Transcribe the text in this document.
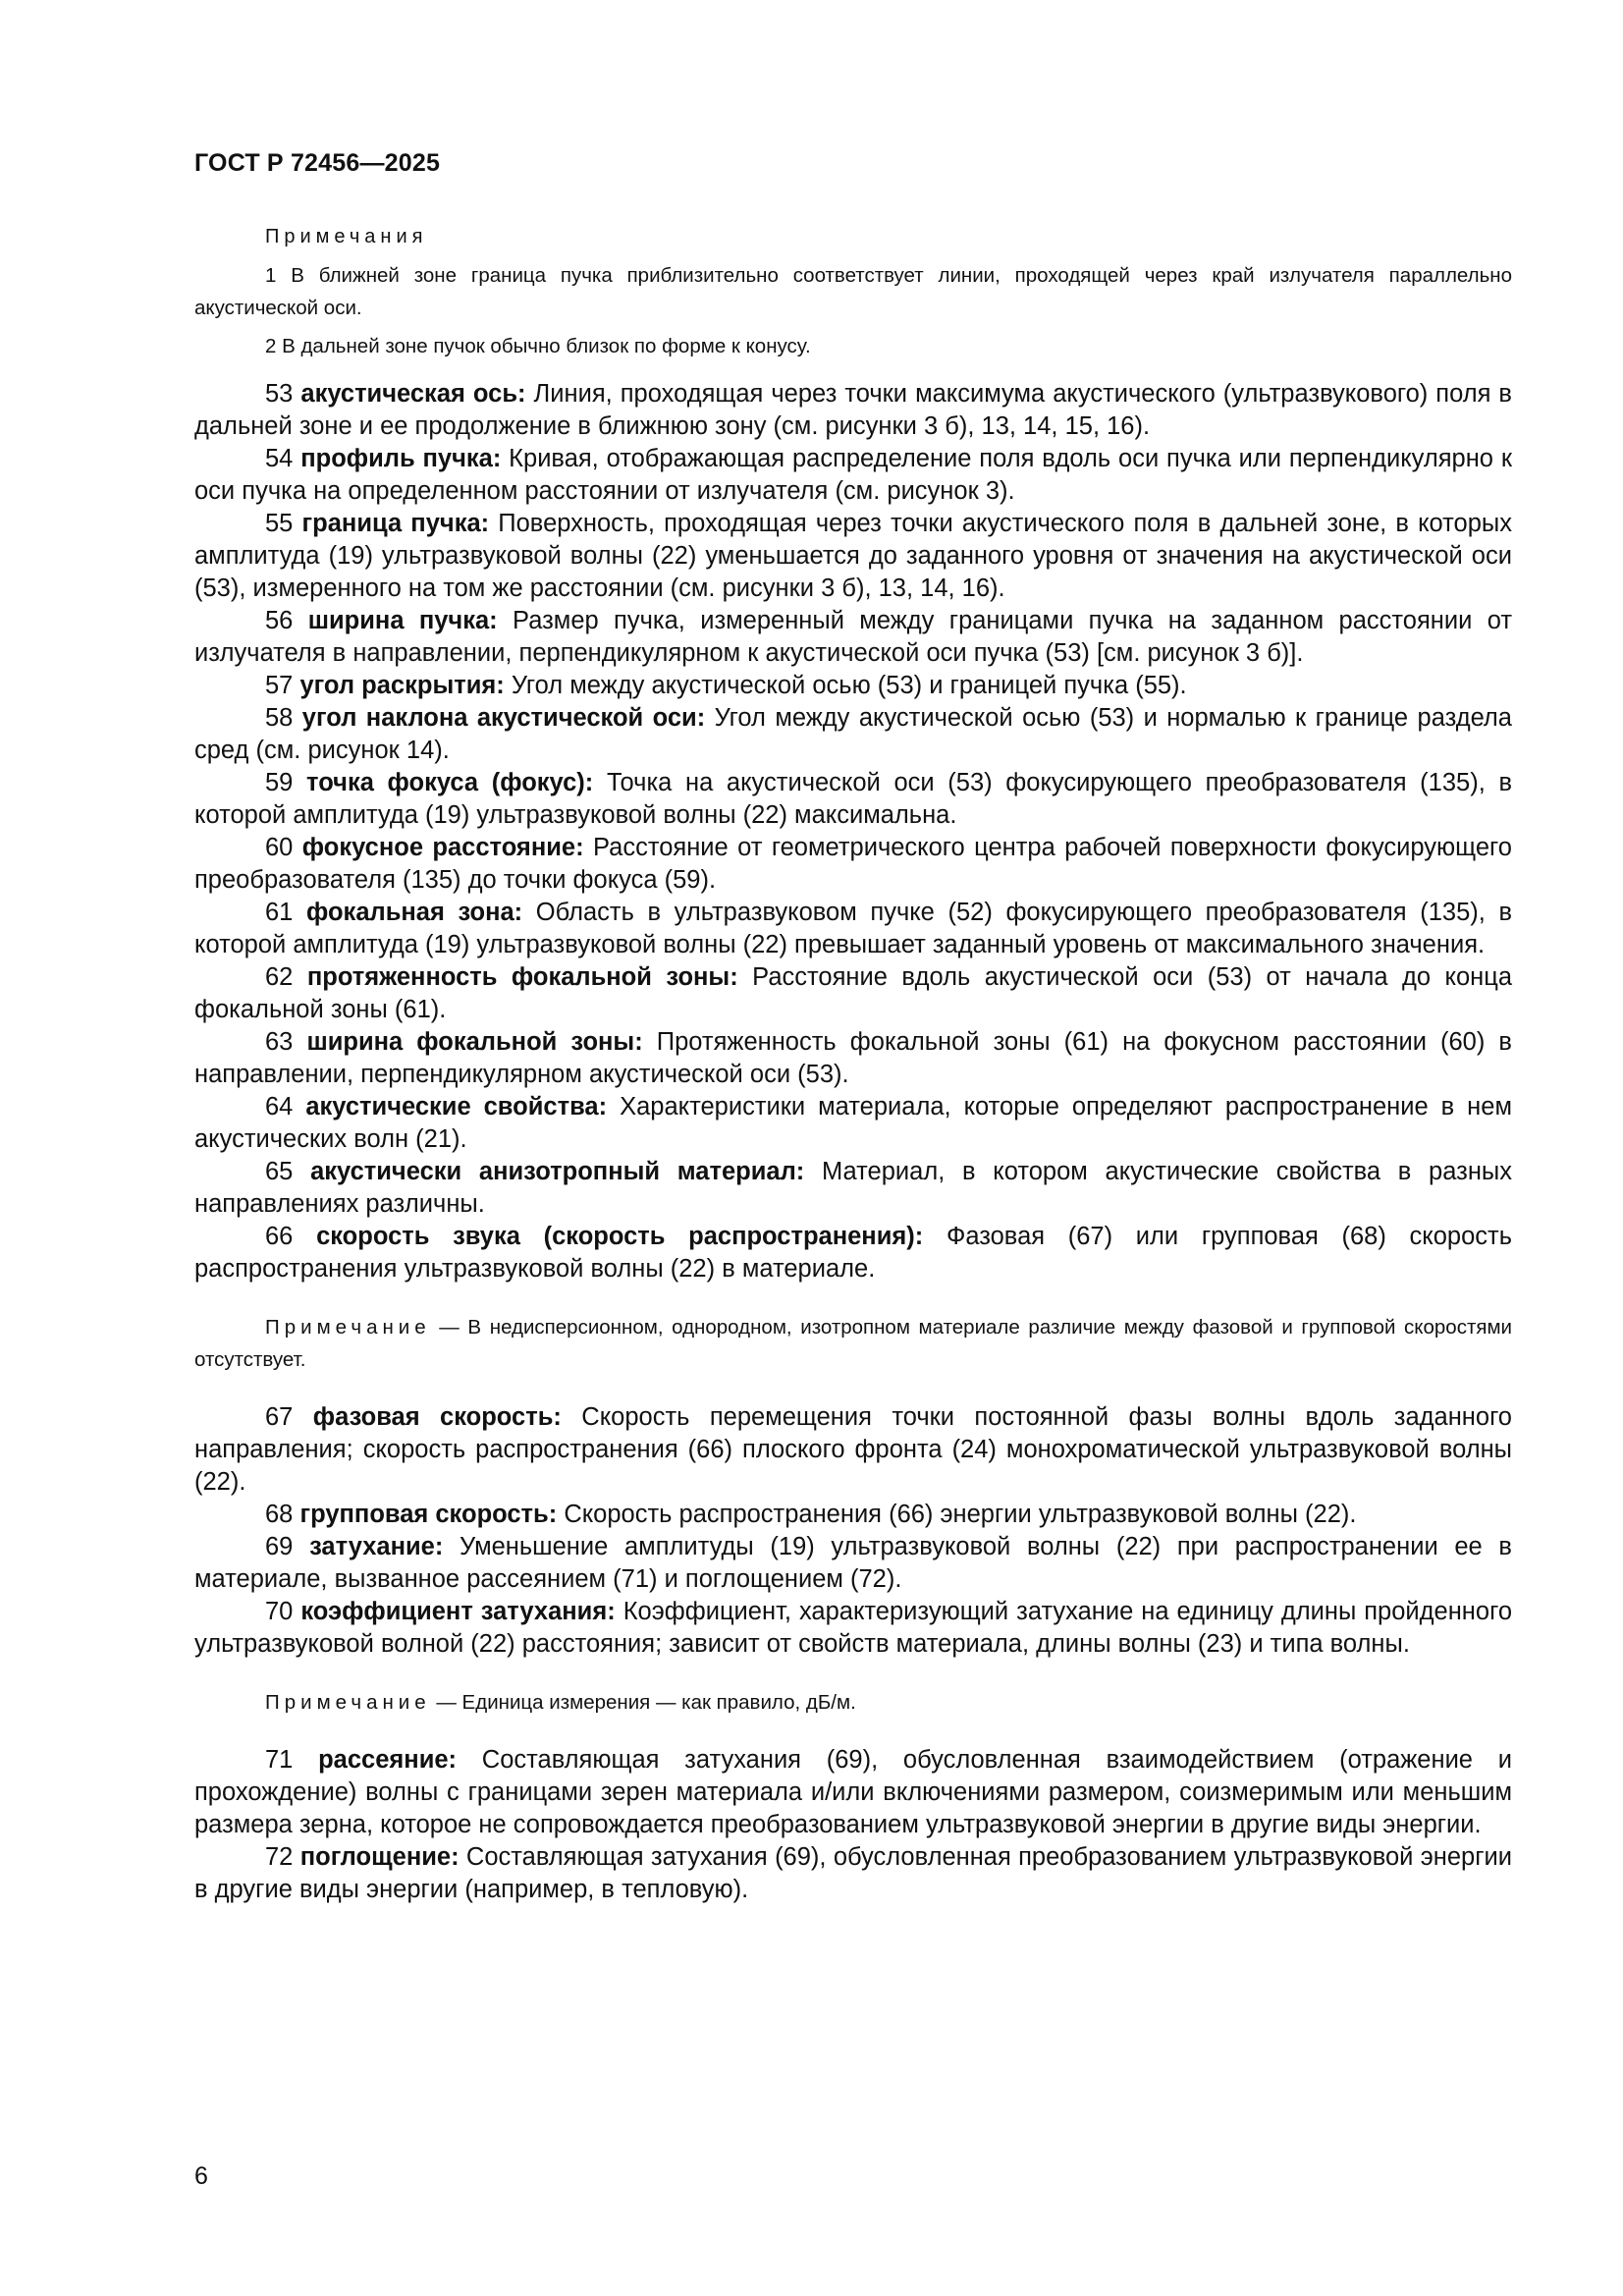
ГОСТ Р 72456—2025
Примечания

1 В ближней зоне граница пучка приблизительно соответствует линии, проходящей через край излучателя параллельно акустической оси.

2 В дальней зоне пучок обычно близок по форме к конусу.

53 акустическая ось: Линия, проходящая через точки максимума акустического (ультразвукового) поля в дальней зоне и ее продолжение в ближнюю зону (см. рисунки 3 б), 13, 14, 15, 16).

54 профиль пучка: Кривая, отображающая распределение поля вдоль оси пучка или перпендикулярно к оси пучка на определенном расстоянии от излучателя (см. рисунок 3).

55 граница пучка: Поверхность, проходящая через точки акустического поля в дальней зоне, в которых амплитуда (19) ультразвуковой волны (22) уменьшается до заданного уровня от значения на акустической оси (53), измеренного на том же расстоянии (см. рисунки 3 б), 13, 14, 16).

56 ширина пучка: Размер пучка, измеренный между границами пучка на заданном расстоянии от излучателя в направлении, перпендикулярном к акустической оси пучка (53) [см. рисунок 3 б)].

57 угол раскрытия: Угол между акустической осью (53) и границей пучка (55).

58 угол наклона акустической оси: Угол между акустической осью (53) и нормалью к границе раздела сред (см. рисунок 14).

59 точка фокуса (фокус): Точка на акустической оси (53) фокусирующего преобразователя (135), в которой амплитуда (19) ультразвуковой волны (22) максимальна.

60 фокусное расстояние: Расстояние от геометрического центра рабочей поверхности фокусирующего преобразователя (135) до точки фокуса (59).

61 фокальная зона: Область в ультразвуковом пучке (52) фокусирующего преобразователя (135), в которой амплитуда (19) ультразвуковой волны (22) превышает заданный уровень от максимального значения.

62 протяженность фокальной зоны: Расстояние вдоль акустической оси (53) от начала до конца фокальной зоны (61).

63 ширина фокальной зоны: Протяженность фокальной зоны (61) на фокусном расстоянии (60) в направлении, перпендикулярном акустической оси (53).

64 акустические свойства: Характеристики материала, которые определяют распространение в нем акустических волн (21).

65 акустически анизотропный материал: Материал, в котором акустические свойства в разных направлениях различны.

66 скорость звука (скорость распространения): Фазовая (67) или групповая (68) скорость распространения ультразвуковой волны (22) в материале.

Примечание — В недисперсионном, однородном, изотропном материале различие между фазовой и групповой скоростями отсутствует.

67 фазовая скорость: Скорость перемещения точки постоянной фазы волны вдоль заданного направления; скорость распространения (66) плоского фронта (24) монохроматической ультразвуковой волны (22).

68 групповая скорость: Скорость распространения (66) энергии ультразвуковой волны (22).

69 затухание: Уменьшение амплитуды (19) ультразвуковой волны (22) при распространении ее в материале, вызванное рассеянием (71) и поглощением (72).

70 коэффициент затухания: Коэффициент, характеризующий затухание на единицу длины пройденного ультразвуковой волной (22) расстояния; зависит от свойств материала, длины волны (23) и типа волны.

Примечание — Единица измерения — как правило, дБ/м.

71 рассеяние: Составляющая затухания (69), обусловленная взаимодействием (отражение и прохождение) волны с границами зерен материала и/или включениями размером, соизмеримым или меньшим размера зерна, которое не сопровождается преобразованием ультразвуковой энергии в другие виды энергии.

72 поглощение: Составляющая затухания (69), обусловленная преобразованием ультразвуковой энергии в другие виды энергии (например, в тепловую).

6
